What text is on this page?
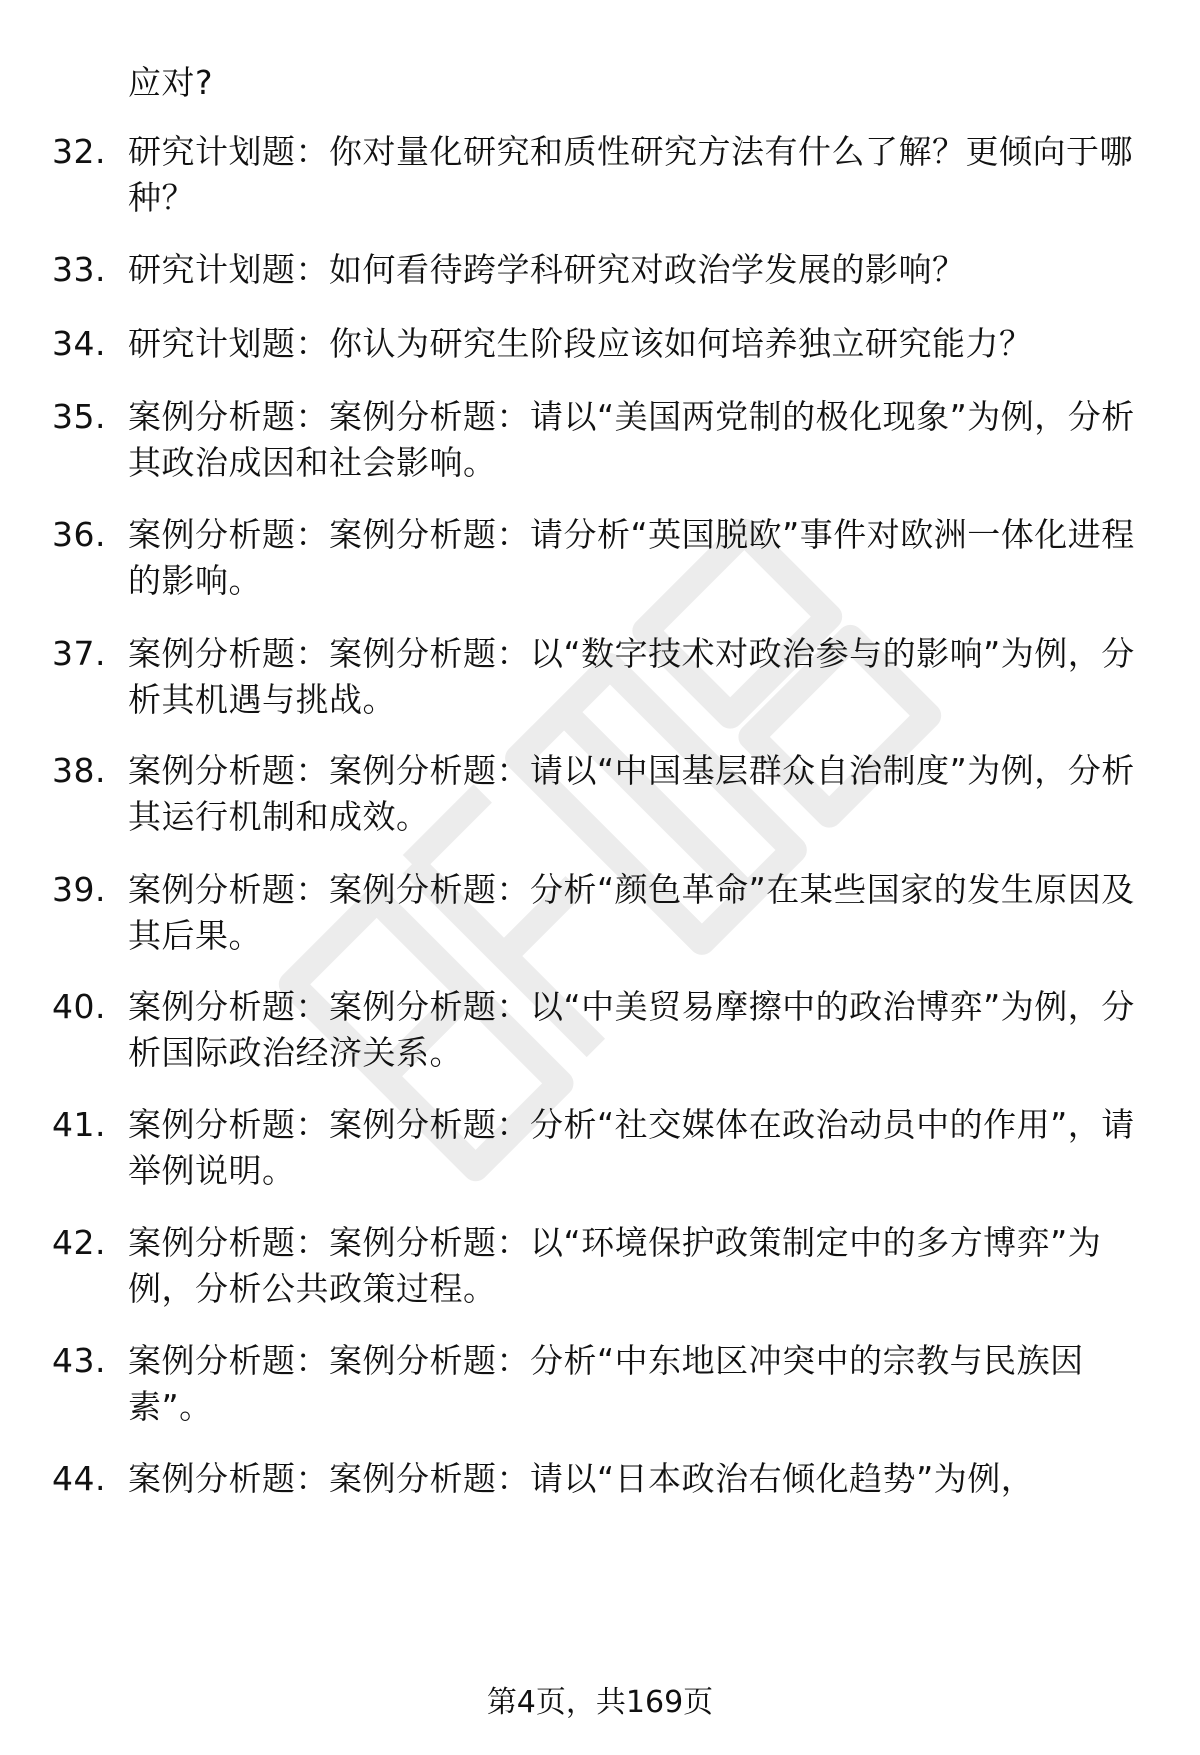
应对?
32. 研究计划题：你对量化研究和质性研究方法有什么了解？更倾向于哪种？
33. 研究计划题：如何看待跨学科研究对政治学发展的影响？
34. 研究计划题：你认为研究生阶段应该如何培养独立研究能力？
35. 案例分析题：案例分析题：请以“美国两党制的极化现象”为例，分析其政治成因和社会影响。
36. 案例分析题：案例分析题：请分析“英国脱欧”事件对欧洲一体化进程的影响。
37. 案例分析题：案例分析题：以“数字技术对政治参与的影响”为例，分析其机遇与挑战。
38. 案例分析题：案例分析题：请以“中国基层群众自治制度”为例，分析其运行机制和成效。
39. 案例分析题：案例分析题：分析“颜色革命”在某些国家的发生原因及其后果。
40. 案例分析题：案例分析题：以“中美贸易摩擦中的政治博弈”为例，分析国际政治经济关系。
41. 案例分析题：案例分析题：分析“社交媒体在政治动员中的作用”，请举例说明。
42. 案例分析题：案例分析题：以“环境保护政策制定中的多方博弈”为例，分析公共政策过程。
43. 案例分析题：案例分析题：分析“中东地区冲突中的宗教与民族因素”。
44. 案例分析题：案例分析题：请以“日本政治右倾化趋势”为例，
第4页，共169页
